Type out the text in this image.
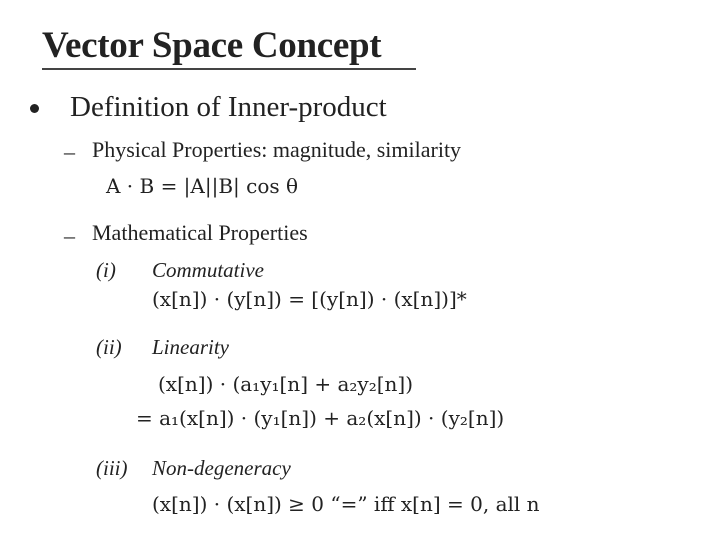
Vector Space Concept
Definition of Inner-product
– Physical Properties: magnitude, similarity
A · B = |A||B| cos θ
– Mathematical Properties
(i) Commutative
(x[n]) · (y[n]) = [(y[n]) · (x[n])]*
(ii) Linearity
(x[n]) · (a₁y₁[n] + a₂y₂[n])
= a₁(x[n]) · (y₁[n]) + a₂(x[n]) · (y₂[n])
(iii) Non-degeneracy
(x[n]) · (x[n]) ≥ 0 “=” iff x[n] = 0, all n
